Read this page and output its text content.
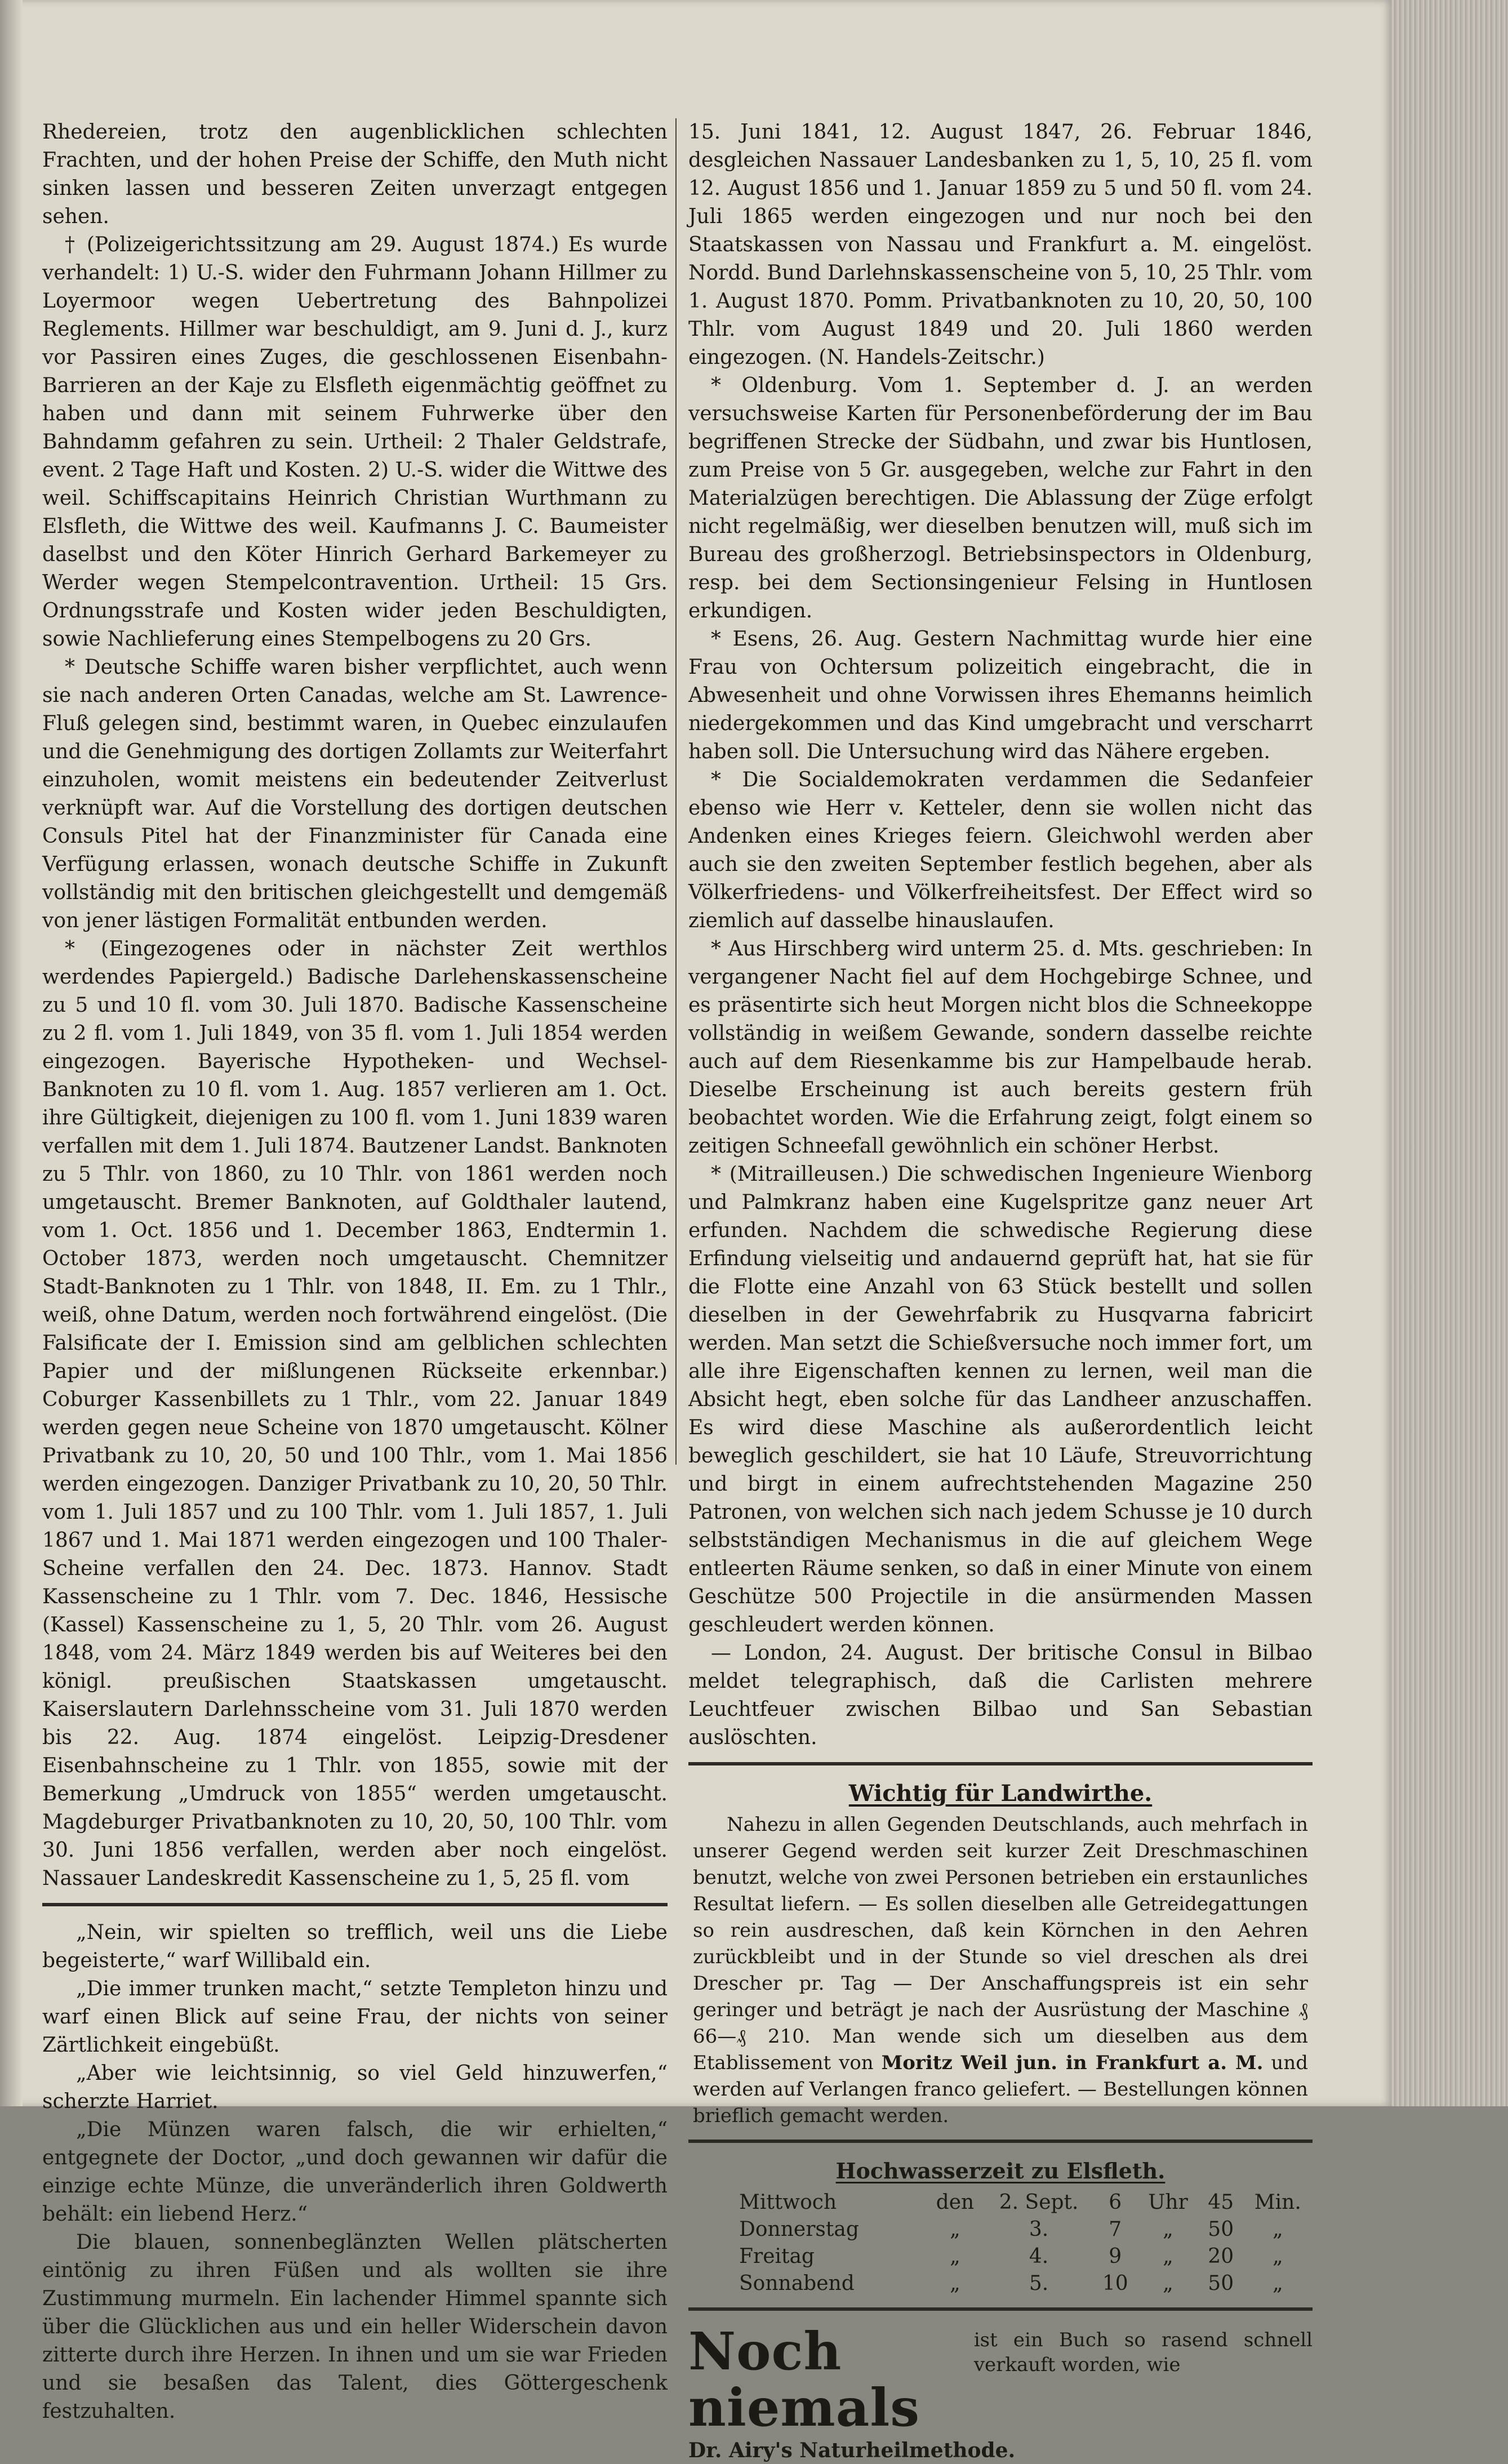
Rhedereien, trotz den augenblicklichen schlechten Frachten, und der hohen Preise der Schiffe, den Muth nicht sinken lassen und besseren Zeiten unverzagt entgegen sehen.

† (Polizeigerichtssitzung am 29. August 1874.) Es wurde verhandelt: 1) U.-S. wider den Fuhrmann Johann Hillmer zu Loyermoor wegen Uebertretung des Bahnpolizei Reglements. Hillmer war beschuldigt, am 9. Juni d. J., kurz vor Passiren eines Zuges, die geschlossenen Eisenbahn-Barrieren an der Kaje zu Elsfleth eigenmächtig geöffnet zu haben und dann mit seinem Fuhrwerke über den Bahndamm gefahren zu sein. Urtheil: 2 Thaler Geldstrafe, event. 2 Tage Haft und Kosten. 2) U.-S. wider die Wittwe des weil. Schiffscapitains Heinrich Christian Wurthmann zu Elsfleth, die Wittwe des weil. Kaufmanns J. C. Baumeister daselbst und den Köter Hinrich Gerhard Barkemeyer zu Werder wegen Stempelcontravention. Urtheil: 15 Grs. Ordnungsstrafe und Kosten wider jeden Beschuldigten, sowie Nachlieferung eines Stempelbogens zu 20 Grs.

* Deutsche Schiffe waren bisher verpflichtet, auch wenn sie nach anderen Orten Canadas, welche am St. Lawrence-Fluß gelegen sind, bestimmt waren, in Quebec einzulaufen und die Genehmigung des dortigen Zollamts zur Weiterfahrt einzuholen, womit meistens ein bedeutender Zeitverlust verknüpft war. Auf die Vorstellung des dortigen deutschen Consuls Pitel hat der Finanzminister für Canada eine Verfügung erlassen, wonach deutsche Schiffe in Zukunft vollständig mit den britischen gleichgestellt und demgemäß von jener lästigen Formalität entbunden werden.

* (Eingezogenes oder in nächster Zeit werthlos werdendes Papiergeld.) Badische Darlehenskassenscheine zu 5 und 10 fl. vom 30. Juli 1870. Badische Kassenscheine zu 2 fl. vom 1. Juli 1849, von 35 fl. vom 1. Juli 1854 werden eingezogen. Bayerische Hypotheken- und Wechsel-Banknoten zu 10 fl. vom 1. Aug. 1857 verlieren am 1. Oct. ihre Gültigkeit, diejenigen zu 100 fl. vom 1. Juni 1839 waren verfallen mit dem 1. Juli 1874. Bautzener Landst. Banknoten zu 5 Thlr. von 1860, zu 10 Thlr. von 1861 werden noch umgetauscht. Bremer Banknoten, auf Goldthaler lautend, vom 1. Oct. 1856 und 1. December 1863, Endtermin 1. October 1873, werden noch umgetauscht. Chemnitzer Stadt-Banknoten zu 1 Thlr. von 1848, II. Em. zu 1 Thlr., weiß, ohne Datum, werden noch fortwährend eingelöst. (Die Falsificate der I. Emission sind am gelblichen schlechten Papier und der mißlungenen Rückseite erkennbar.) Coburger Kassenbillets zu 1 Thlr., vom 22. Januar 1849 werden gegen neue Scheine von 1870 umgetauscht. Kölner Privatbank zu 10, 20, 50 und 100 Thlr., vom 1. Mai 1856 werden eingezogen. Danziger Privatbank zu 10, 20, 50 Thlr. vom 1. Juli 1857 und zu 100 Thlr. vom 1. Juli 1857, 1. Juli 1867 und 1. Mai 1871 werden eingezogen und 100 Thaler-Scheine verfallen den 24. Dec. 1873. Hannov. Stadt Kassenscheine zu 1 Thlr. vom 7. Dec. 1846, Hessische (Kassel) Kassenscheine zu 1, 5, 20 Thlr. vom 26. August 1848, vom 24. März 1849 werden bis auf Weiteres bei den königl. preußischen Staatskassen umgetauscht. Kaiserslautern Darlehnsscheine vom 31. Juli 1870 werden bis 22. Aug. 1874 eingelöst. Leipzig-Dresdener Eisenbahnscheine zu 1 Thlr. von 1855, sowie mit der Bemerkung „Umdruck von 1855“ werden umgetauscht. Magdeburger Privatbanknoten zu 10, 20, 50, 100 Thlr. vom 30. Juni 1856 verfallen, werden aber noch eingelöst. Nassauer Landeskredit Kassenscheine zu 1, 5, 25 fl. vom

„Nein, wir spielten so trefflich, weil uns die Liebe begeisterte,“ warf Willibald ein.

„Die immer trunken macht,“ setzte Templeton hinzu und warf einen Blick auf seine Frau, der nichts von seiner Zärtlichkeit eingebüßt.

„Aber wie leichtsinnig, so viel Geld hinzuwerfen,“ scherzte Harriet.

„Die Münzen waren falsch, die wir erhielten,“ entgegnete der Doctor, „und doch gewannen wir dafür die einzige echte Münze, die unveränderlich ihren Goldwerth behält: ein liebend Herz.“

Die blauen, sonnenbeglänzten Wellen plätscherten eintönig zu ihren Füßen und als wollten sie ihre Zustimmung murmeln. Ein lachender Himmel spannte sich über die Glücklichen aus und ein heller Widerschein davon zitterte durch ihre Herzen. In ihnen und um sie war Frieden und sie besaßen das Talent, dies Göttergeschenk festzuhalten.

15. Juni 1841, 12. August 1847, 26. Februar 1846, desgleichen Nassauer Landesbanken zu 1, 5, 10, 25 fl. vom 12. August 1856 und 1. Januar 1859 zu 5 und 50 fl. vom 24. Juli 1865 werden eingezogen und nur noch bei den Staatskassen von Nassau und Frankfurt a. M. eingelöst. Nordd. Bund Darlehnskassenscheine von 5, 10, 25 Thlr. vom 1. August 1870. Pomm. Privatbanknoten zu 10, 20, 50, 100 Thlr. vom August 1849 und 20. Juli 1860 werden eingezogen. (N. Handels-Zeitschr.)

* Oldenburg. Vom 1. September d. J. an werden versuchsweise Karten für Personenbeförderung der im Bau begriffenen Strecke der Südbahn, und zwar bis Huntlosen, zum Preise von 5 Gr. ausgegeben, welche zur Fahrt in den Materialzügen berechtigen. Die Ablassung der Züge erfolgt nicht regelmäßig, wer dieselben benutzen will, muß sich im Bureau des großherzogl. Betriebsinspectors in Oldenburg, resp. bei dem Sectionsingenieur Felsing in Huntlosen erkundigen.

* Esens, 26. Aug. Gestern Nachmittag wurde hier eine Frau von Ochtersum polizeitich eingebracht, die in Abwesenheit und ohne Vorwissen ihres Ehemanns heimlich niedergekommen und das Kind umgebracht und verscharrt haben soll. Die Untersuchung wird das Nähere ergeben.

* Die Socialdemokraten verdammen die Sedanfeier ebenso wie Herr v. Ketteler, denn sie wollen nicht das Andenken eines Krieges feiern. Gleichwohl werden aber auch sie den zweiten September festlich begehen, aber als Völkerfriedens- und Völkerfreiheitsfest. Der Effect wird so ziemlich auf dasselbe hinauslaufen.

* Aus Hirschberg wird unterm 25. d. Mts. geschrieben: In vergangener Nacht fiel auf dem Hochgebirge Schnee, und es präsentirte sich heut Morgen nicht blos die Schneekoppe vollständig in weißem Gewande, sondern dasselbe reichte auch auf dem Riesenkamme bis zur Hampelbaude herab. Dieselbe Erscheinung ist auch bereits gestern früh beobachtet worden. Wie die Erfahrung zeigt, folgt einem so zeitigen Schneefall gewöhnlich ein schöner Herbst.

* (Mitrailleusen.) Die schwedischen Ingenieure Wienborg und Palmkranz haben eine Kugelspritze ganz neuer Art erfunden. Nachdem die schwedische Regierung diese Erfindung vielseitig und andauernd geprüft hat, hat sie für die Flotte eine Anzahl von 63 Stück bestellt und sollen dieselben in der Gewehrfabrik zu Husqvarna fabricirt werden. Man setzt die Schießversuche noch immer fort, um alle ihre Eigenschaften kennen zu lernen, weil man die Absicht hegt, eben solche für das Landheer anzuschaffen. Es wird diese Maschine als außerordentlich leicht beweglich geschildert, sie hat 10 Läufe, Streuvorrichtung und birgt in einem aufrechtstehenden Magazine 250 Patronen, von welchen sich nach jedem Schusse je 10 durch selbstständigen Mechanismus in die auf gleichem Wege entleerten Räume senken, so daß in einer Minute von einem Geschütze 500 Projectile in die ansürmenden Massen geschleudert werden können.

— London, 24. August. Der britische Consul in Bilbao meldet telegraphisch, daß die Carlisten mehrere Leuchtfeuer zwischen Bilbao und San Sebastian auslöschten.

Wichtig für Landwirthe.

Nahezu in allen Gegenden Deutschlands, auch mehrfach in unserer Gegend werden seit kurzer Zeit Dreschmaschinen benutzt, welche von zwei Personen betrieben ein erstaunliches Resultat liefern. — Es sollen dieselben alle Getreidegattungen so rein ausdreschen, daß kein Körnchen in den Aehren zurückbleibt und in der Stunde so viel dreschen als drei Drescher pr. Tag — Der Anschaffungspreis ist ein sehr geringer und beträgt je nach der Ausrüstung der Maschine ₰ 66—₰ 210. Man wende sich um dieselben aus dem Etablissement von Moritz Weil jun. in Frankfurt a. M. und werden auf Verlangen franco geliefert. — Bestellungen können brieflich gemacht werden.

Hochwasserzeit zu Elsfleth.
Mittwoch	den	2. Sept.	6	Uhr	45	Min.
Donnerstag	„	3.	7	„	50	„
Freitag	„	4.	9	„	20	„
Sonnabend	„	5.	10	„	50	„
Noch niemals
ist ein Buch so rasend schnell verkauft worden, wie
Dr. Airy's Naturheilmethode.
